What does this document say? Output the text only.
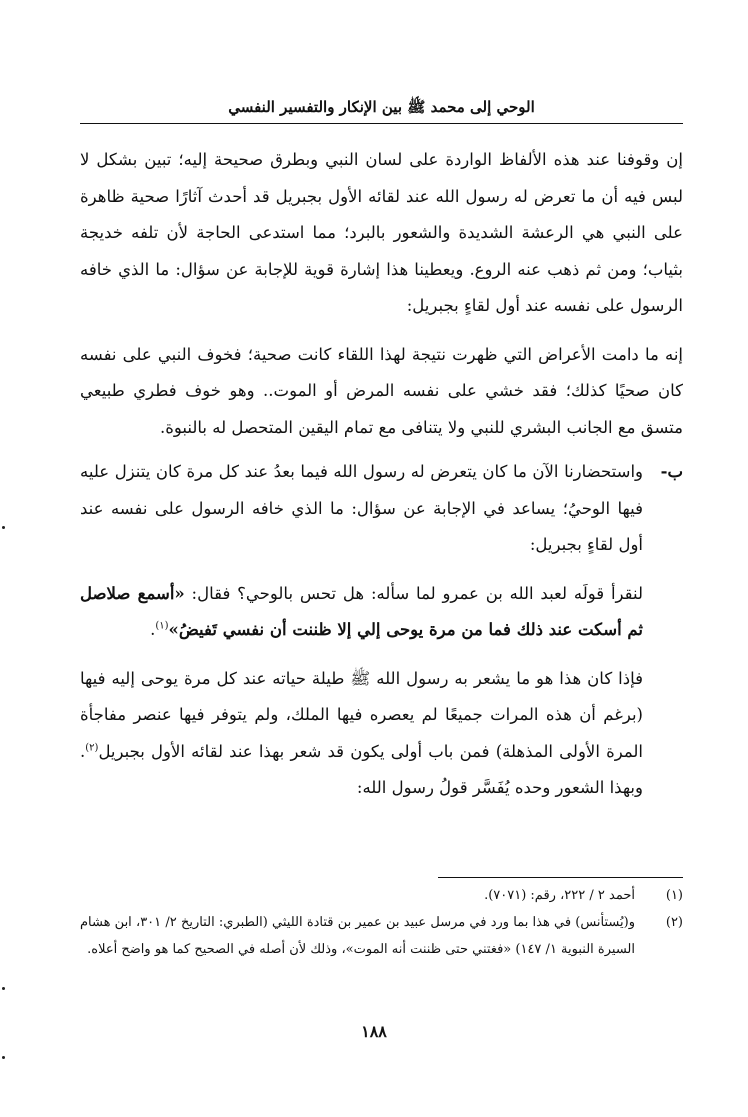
الوحي إلى محمد ﷺ بين الإنكار والتفسير النفسي

إن وقوفنا عند هذه الألفاظ الواردة على لسان النبي وبطرق صحيحة إليه؛ تبين بشكل لا لبس فيه أن ما تعرض له رسول الله عند لقائه الأول بجبريل قد أحدث آثارًا صحية ظاهرة على النبي هي الرعشة الشديدة والشعور بالبرد؛ مما استدعى الحاجة لأن تلفه خديجة بثياب؛ ومن ثم ذهب عنه الروع. ويعطينا هذا إشارة قوية للإجابة عن سؤال: ما الذي خافه الرسول على نفسه عند أول لقاءٍ بجبريل:

إنه ما دامت الأعراض التي ظهرت نتيجة لهذا اللقاء كانت صحية؛ فخوف النبي على نفسه كان صحيًا كذلك؛ فقد خشي على نفسه المرض أو الموت.. وهو خوف فطري طبيعي متسق مع الجانب البشري للنبي ولا يتنافى مع تمام اليقين المتحصل له بالنبوة.

ب-

واستحضارنا الآن ما كان يتعرض له رسول الله فيما بعدُ عند كل مرة كان يتنزل عليه فيها الوحيُ؛ يساعد في الإجابة عن سؤال: ما الذي خافه الرسول على نفسه عند أول لقاءٍ بجبريل:

لنقرأ قولَه لعبد الله بن عمرو لما سأله: هل تحس بالوحي؟ فقال: «أسمع صلاصل ثم أسكت عند ذلك فما من مرة يوحى إلي إلا ظننت أن نفسي تَفيضُ»$^{(١)}$.

فإذا كان هذا هو ما يشعر به رسول الله ﷺ طيلة حياته عند كل مرة يوحى إليه فيها (برغم أن هذه المرات جميعًا لم يعصره فيها الملك، ولم يتوفر فيها عنصر مفاجأة المرة الأولى المذهلة) فمن باب أولى يكون قد شعر بهذا عند لقائه الأول بجبريل$^{(٢)}$. وبهذا الشعور وحده يُفَسَّر قولُ رسول الله:

(١)
أحمد ٢ / ٢٢٢، رقم: (٧٠٧١).
(٢)
و(يُستأنس) في هذا بما ورد في مرسل عبيد بن عمير بن قتادة الليثي (الطبري: التاريخ ٢/ ٣٠١، ابن هشام السيرة النبوية ١/ ١٤٧) «فغتني حتى ظننت أنه الموت»، وذلك لأن أصله في الصحيح كما هو واضح أعلاه.
١٨٨
